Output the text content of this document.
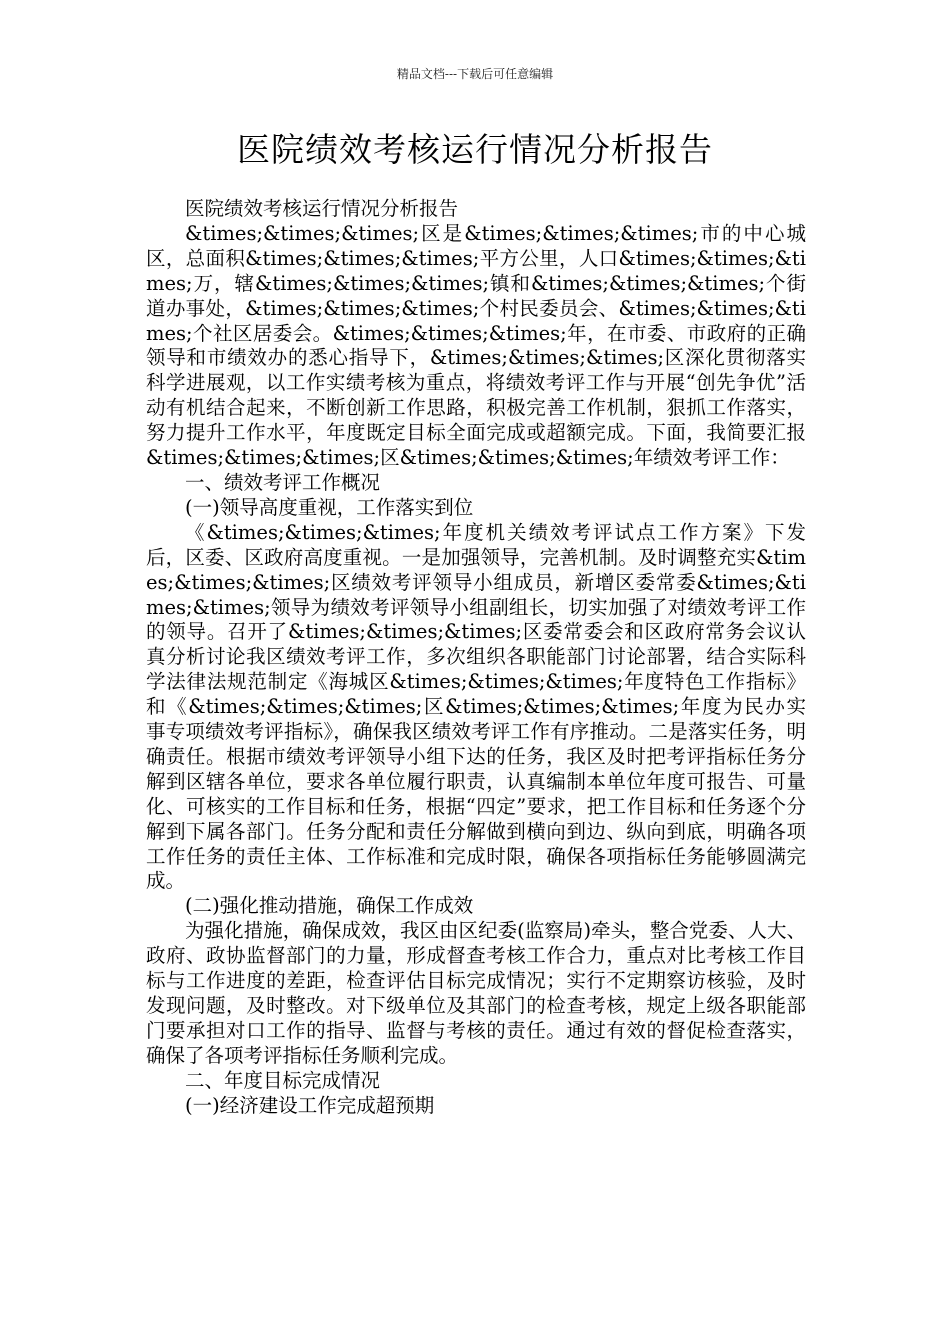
精品文档---下载后可任意编辑
医院绩效考核运行情况分析报告

医院绩效考核运行情况分析报告

&times;&times;&times;区是&times;&times;&times;市的中心城区，总面积&times;&times;&times;平方公里，人口&times;&times;&times;万，辖&times;&times;&times;镇和&times;&times;&times;个街道办事处，&times;&times;&times;个村民委员会、&times;&times;&times;个社区居委会。&times;&times;&times;年，在市委、市政府的正确领导和市绩效办的悉心指导下，&times;&times;&times;区深化贯彻落实科学进展观，以工作实绩考核为重点，将绩效考评工作与开展“创先争优”活动有机结合起来，不断创新工作思路，积极完善工作机制，狠抓工作落实，努力提升工作水平，年度既定目标全面完成或超额完成。下面，我简要汇报&times;&times;&times;区&times;&times;&times;年绩效考评工作：

一、绩效考评工作概况

(一)领导高度重视，工作落实到位

《&times;&times;&times;年度机关绩效考评试点工作方案》下发后，区委、区政府高度重视。一是加强领导，完善机制。及时调整充实&times;&times;&times;区绩效考评领导小组成员，新增区委常委&times;&times;&times;领导为绩效考评领导小组副组长，切实加强了对绩效考评工作的领导。召开了&times;&times;&times;区委常委会和区政府常务会议认真分析讨论我区绩效考评工作，多次组织各职能部门讨论部署，结合实际科学法律法规范制定《海城区&times;&times;&times;年度特色工作指标》和《&times;&times;&times;区&times;&times;&times;年度为民办实事专项绩效考评指标》，确保我区绩效考评工作有序推动。二是落实任务，明确责任。根据市绩效考评领导小组下达的任务，我区及时把考评指标任务分解到区辖各单位，要求各单位履行职责，认真编制本单位年度可报告、可量化、可核实的工作目标和任务，根据“四定”要求，把工作目标和任务逐个分解到下属各部门。任务分配和责任分解做到横向到边、纵向到底，明确各项工作任务的责任主体、工作标准和完成时限，确保各项指标任务能够圆满完成。

(二)强化推动措施，确保工作成效

为强化措施，确保成效，我区由区纪委(监察局)牵头，整合党委、人大、政府、政协监督部门的力量，形成督查考核工作合力，重点对比考核工作目标与工作进度的差距，检查评估目标完成情况；实行不定期察访核验，及时发现问题，及时整改。对下级单位及其部门的检查考核，规定上级各职能部门要承担对口工作的指导、监督与考核的责任。通过有效的督促检查落实，确保了各项考评指标任务顺利完成。

二、年度目标完成情况

(一)经济建设工作完成超预期
